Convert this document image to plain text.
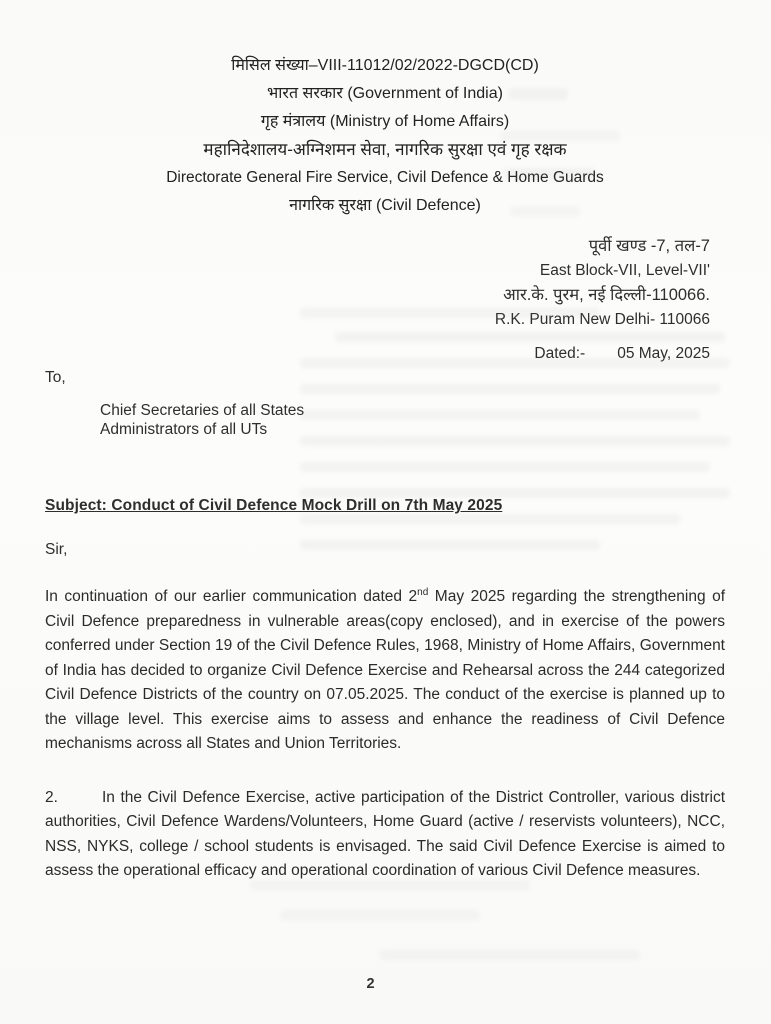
मिसिल संख्या–VIII-11012/02/2022-DGCD(CD)
भारत सरकार (Government of India)
गृह मंत्रालय (Ministry of Home Affairs)
महानिदेशालय-अग्निशमन सेवा, नागरिक सुरक्षा एवं गृह रक्षक
Directorate General Fire Service, Civil Defence & Home Guards
नागरिक सुरक्षा (Civil Defence)
पूर्वी खण्ड -7, तल-7
East Block-VII, Level-VII'
आर.के. पुरम, नई दिल्ली-110066.
R.K. Puram New Delhi- 110066
Dated:- 05 May, 2025
To,
Chief Secretaries of all States
Administrators of all UTs
Subject: Conduct of Civil Defence Mock Drill on 7th May 2025
Sir,

In continuation of our earlier communication dated 2nd May 2025 regarding the strengthening of Civil Defence preparedness in vulnerable areas(copy enclosed), and in exercise of the powers conferred under Section 19 of the Civil Defence Rules, 1968, Ministry of Home Affairs, Government of India has decided to organize Civil Defence Exercise and Rehearsal across the 244 categorized Civil Defence Districts of the country on 07.05.2025. The conduct of the exercise is planned up to the village level. This exercise aims to assess and enhance the readiness of Civil Defence mechanisms across all States and Union Territories.

2.	In the Civil Defence Exercise, active participation of the District Controller, various district authorities, Civil Defence Wardens/Volunteers, Home Guard (active / reservists volunteers), NCC, NSS, NYKS, college / school students is envisaged. The said Civil Defence Exercise is aimed to assess the operational efficacy and operational coordination of various Civil Defence measures.

2
